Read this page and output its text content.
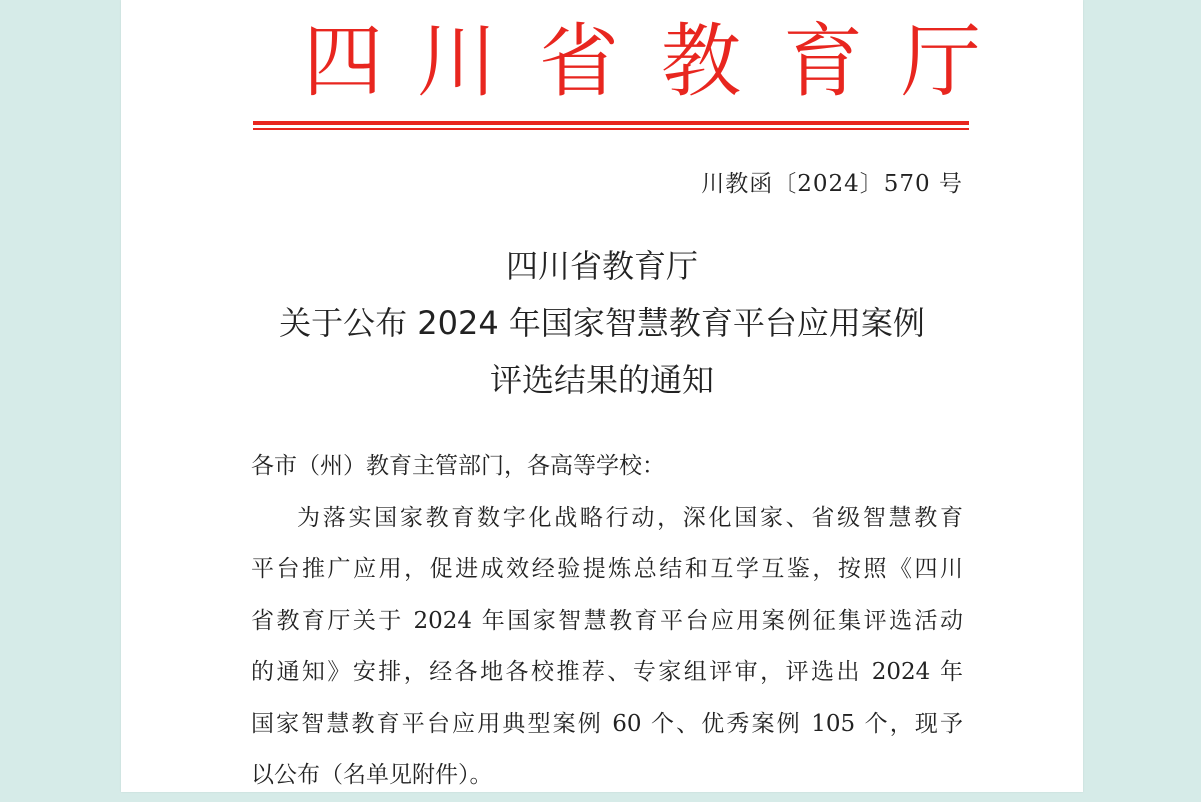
四 川 省 教 育 厅
川教函〔2024〕570 号
四川省教育厅
关于公布 2024 年国家智慧教育平台应用案例
评选结果的通知
各市（州）教育主管部门，各高等学校：
为落实国家教育数字化战略行动，深化国家、省级智慧教育
平台推广应用，促进成效经验提炼总结和互学互鉴，按照《四川
省教育厅关于 2024 年国家智慧教育平台应用案例征集评选活动
的通知》安排，经各地各校推荐、专家组评审，评选出 2024 年
国家智慧教育平台应用典型案例 60 个、优秀案例 105 个，现予
以公布（名单见附件）。
